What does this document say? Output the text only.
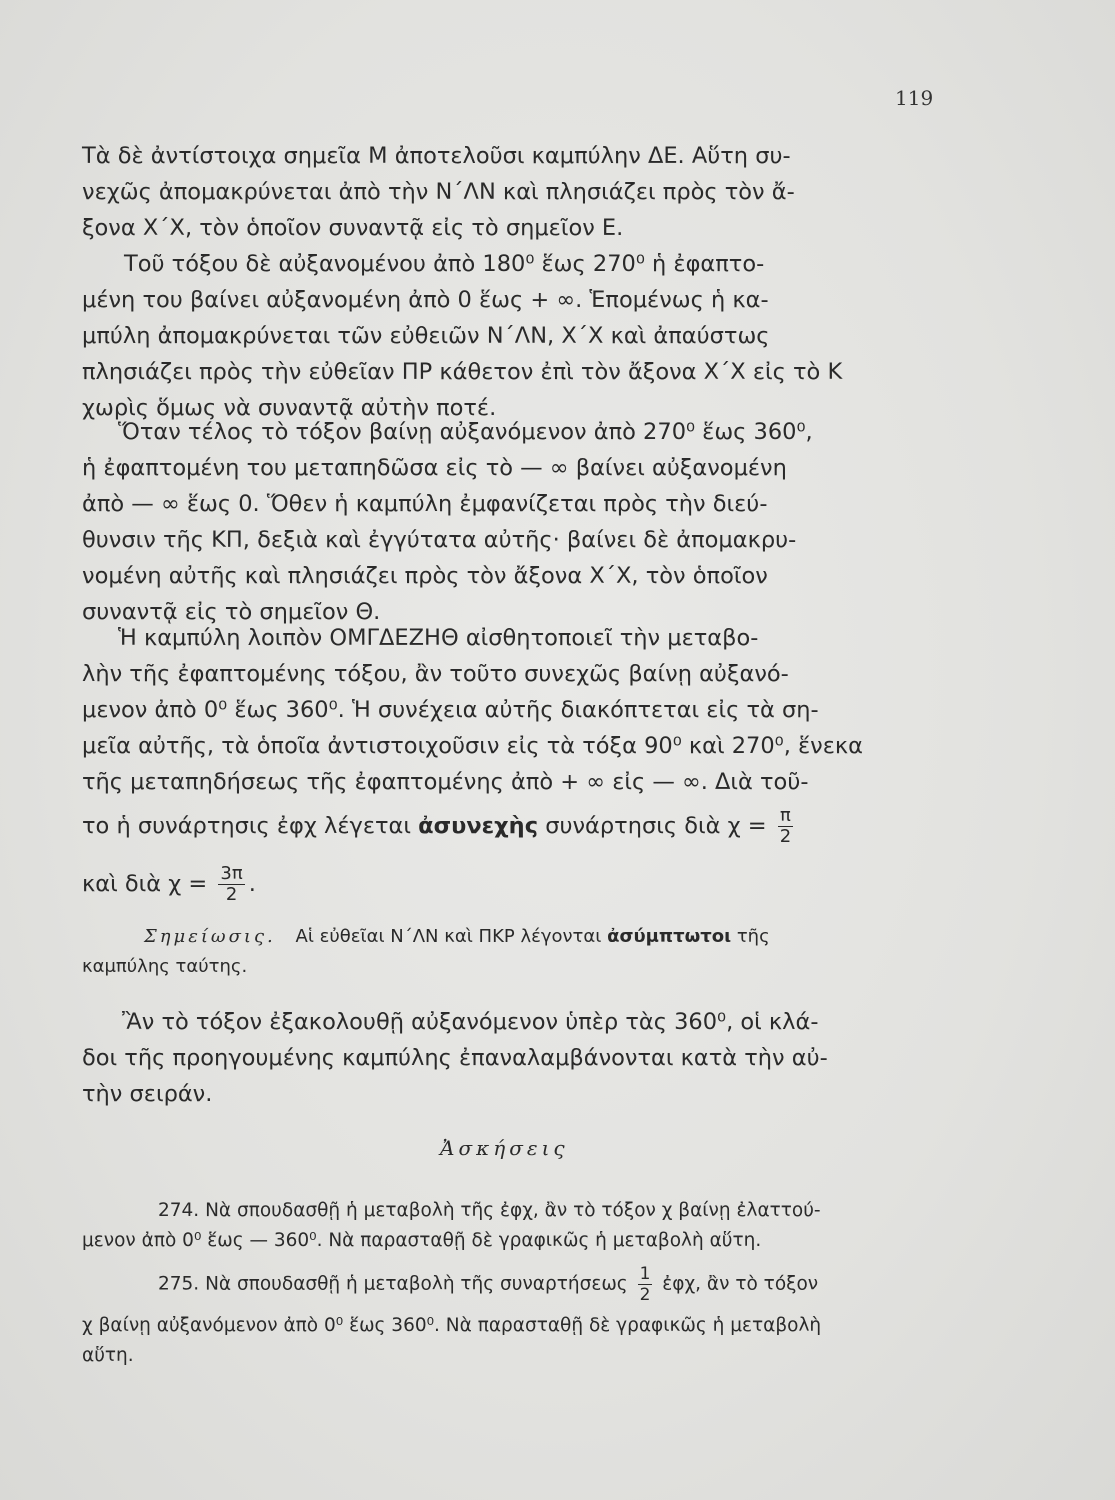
119

Τὰ δὲ ἀντίστοιχα σημεῖα Μ ἀποτελοῦσι καμπύλην ΔΕ. Αὕτη συ-
νεχῶς ἀπομακρύνεται ἀπὸ τὴν Ν΄ΛΝ καὶ πλησιάζει πρὸς τὸν ἄ-
ξονα Χ΄Χ, τὸν ὁποῖον συναντᾷ εἰς τὸ σημεῖον Ε.

Τοῦ τόξου δὲ αὐξανομένου ἀπὸ 180⁰ ἕως 270⁰ ἡ ἐφαπτο-
μένη του βαίνει αὐξανομένη ἀπὸ 0 ἕως + ∞. Ἑπομένως ἡ κα-
μπύλη ἀπομακρύνεται τῶν εὐθειῶν Ν΄ΛΝ, Χ΄Χ καὶ ἀπαύστως
πλησιάζει πρὸς τὴν εὐθεῖαν ΠΡ κάθετον ἐπὶ τὸν ἄξονα Χ΄Χ εἰς τὸ Κ
χωρὶς ὅμως νὰ συναντᾷ αὐτὴν ποτέ.

Ὅταν τέλος τὸ τόξον βαίνῃ αὐξανόμενον ἀπὸ 270⁰ ἕως 360⁰,
ἡ ἐφαπτομένη του μεταπηδῶσα εἰς τὸ — ∞ βαίνει αὐξανομένη
ἀπὸ — ∞ ἕως 0. Ὅθεν ἡ καμπύλη ἐμφανίζεται πρὸς τὴν διεύ-
θυνσιν τῆς ΚΠ, δεξιὰ καὶ ἐγγύτατα αὐτῆς· βαίνει δὲ ἀπομακρυ-
νομένη αὐτῆς καὶ πλησιάζει πρὸς τὸν ἄξονα Χ΄Χ, τὸν ὁποῖον
συναντᾷ εἰς τὸ σημεῖον Θ.

Ἡ καμπύλη λοιπὸν ΟΜΓΔΕΖΗΘ αἰσθητοποιεῖ τὴν μεταβο-
λὴν τῆς ἐφαπτομένης τόξου, ἂν τοῦτο συνεχῶς βαίνῃ αὐξανό-
μενον ἀπὸ 0⁰ ἕως 360⁰. Ἡ συνέχεια αὐτῆς διακόπτεται εἰς τὰ ση-
μεῖα αὐτῆς, τὰ ὁποῖα ἀντιστοιχοῦσιν εἰς τὰ τόξα 90⁰ καὶ 270⁰, ἕνεκα
τῆς μεταπηδήσεως τῆς ἐφαπτομένης ἀπὸ + ∞ εἰς — ∞. Διὰ τοῦ-

το ἡ συνάρτησις ἐφχ λέγεται ἀσυνεχὴς συνάρτησις διὰ $\chi = \frac{\pi}{2}$
καὶ διὰ $\chi = \frac{3\pi}{2}$ .
Σημείωσις. Αἱ εὐθεῖαι Ν΄ΛΝ καὶ ΠΚΡ λέγονται ἀσύμπτωτοι τῆς
καμπύλης ταύτης.

Ἂν τὸ τόξον ἐξακολουθῇ αὐξανόμενον ὑπὲρ τὰς 360⁰, οἱ κλά-
δοι τῆς προηγουμένης καμπύλης ἐπαναλαμβάνονται κατὰ τὴν αὐ-
τὴν σειράν.

Ἀσκήσεις
274. Νὰ σπουδασθῇ ἡ μεταβολὴ τῆς ἐφχ, ἂν τὸ τόξον χ βαίνῃ ἐλαττού-
μενον ἀπὸ 0⁰ ἕως — 360⁰. Νὰ παρασταθῇ δὲ γραφικῶς ἡ μεταβολὴ αὕτη.
275. Νὰ σπουδασθῇ ἡ μεταβολὴ τῆς συναρτήσεως $\frac{1}{2}$ ἐφχ, ἂν τὸ τόξον
χ βαίνῃ αὐξανόμενον ἀπὸ 0⁰ ἕως 360⁰. Νὰ παρασταθῇ δὲ γραφικῶς ἡ μεταβολὴ
αὕτη.
